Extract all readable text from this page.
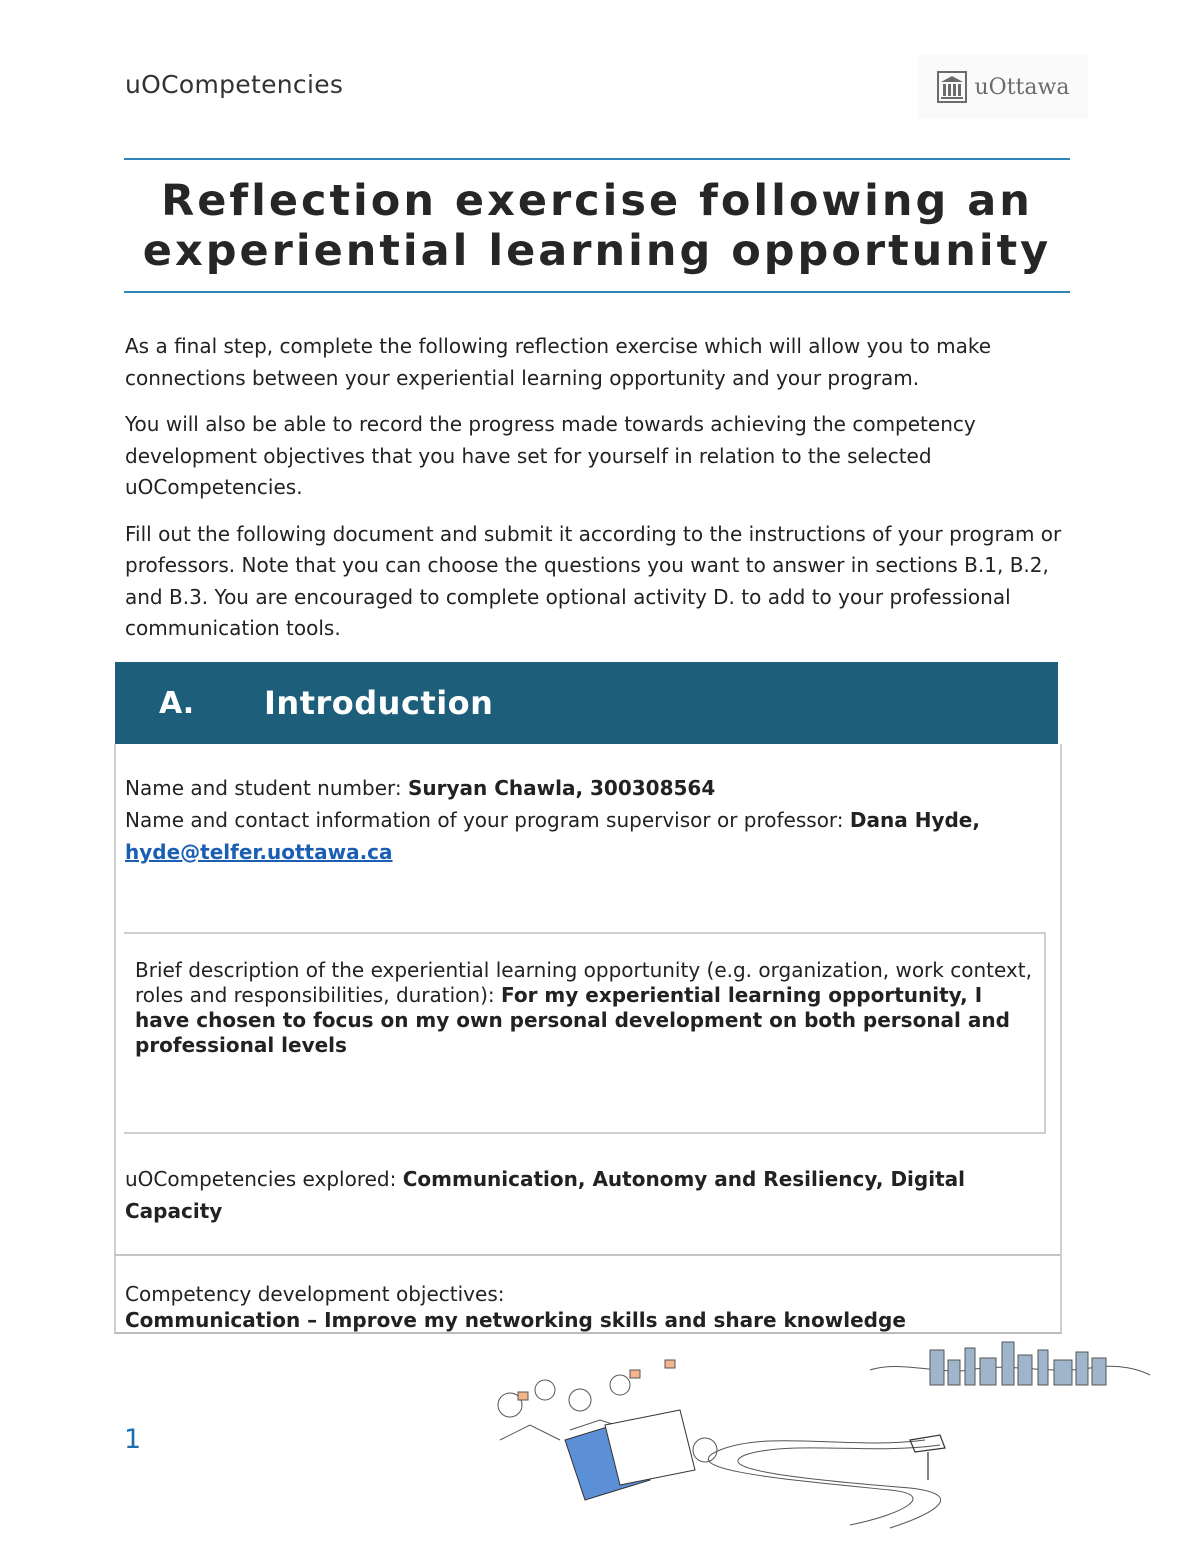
uOCompetencies	uOttawa
Reflection exercise following an
experiential learning opportunity

As a final step, complete the following reflection exercise which will allow you to make connections between your experiential learning opportunity and your program.

You will also be able to record the progress made towards achieving the competency development objectives that you have set for yourself in relation to the selected uOCompetencies.

Fill out the following document and submit it according to the instructions of your program or professors. Note that you can choose the questions you want to answer in sections B.1, B.2, and B.3. You are encouraged to complete optional activity D. to add to your professional communication tools.

A.	Introduction
Name and student number: Suryan Chawla, 300308564
Name and contact information of your program supervisor or professor: Dana Hyde,
hyde@telfer.uottawa.ca
Brief description of the experiential learning opportunity (e.g. organization, work context, roles and responsibilities, duration): For my experiential learning opportunity, I have chosen to focus on my own personal development on both personal and professional levels
uOCompetencies explored: Communication, Autonomy and Resiliency, Digital Capacity
Competency development objectives:
Communication – Improve my networking skills and share knowledge
1
